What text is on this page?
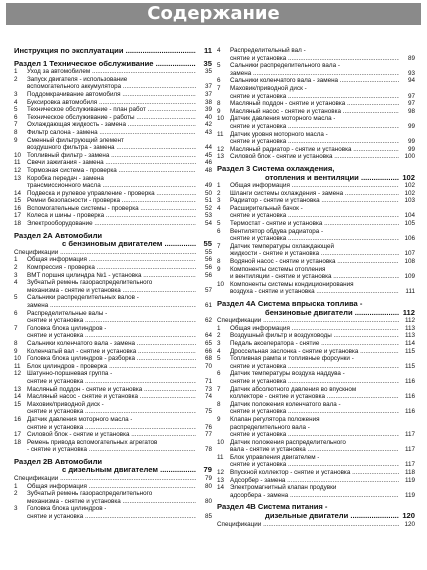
Содержание
Инструкция по эксплуатации .....	11
Раздел 1 Техническое обслуживание .....	35
1 Уход за автомобилем .....	35
2 Запуск двигателя - использование
вспомогательного аккумулятора .....	37
3 Поддомкрачивание автомобиля .....	37
4 Буксировка автомобиля .....	38
5 Техническое обслуживание - план работ .....	39
6 Техническое обслуживание - работы .....	40
7 Охлаждающая жидкость - замена .....	42
8 Фильтр салона - замена .....	43
9 Сменный фильтрующий элемент
воздушного фильтра - замена .....	44
10 Топливный фильтр - замена .....	45
11 Свечи зажигания - замена .....	46
12 Тормозная система - проверка .....	48
13 Коробка передач - замена
трансмиссионного масла .....	49
14 Подвеска и рулевое управление - проверка .....	50
15 Ремни безопасности - проверка .....	51
16 Вспомогательные системы - проверка .....	52
17 Колеса и шины - проверка .....	53
18 Электрооборудование .....	54
Раздел 2А Автомобили
с бензиновым двигателем .....	55
Спецификации .....	55
1 Общая информация .....	56
2 Компрессия - проверка .....	56
3 ВМТ поршня цилиндра №1 - установка .....	56
4 Зубчатый ремень газораспределительного
механизма - снятие и установка .....	57
5 Сальники распределительных валов -
замена .....	61
6 Распределительные валы -
снятие и установка .....	62
7 Головка блока цилиндров -
снятие и установка .....	64
8 Сальники коленчатого вала - замена .....	65
9 Коленчатый вал - снятие и установка .....	66
10 Головка блока цилиндров - разборка .....	68
11 Блок цилиндров - проверка .....	70
12 Шатунно-поршневая группа -
снятие и установка .....	71
13 Масляный поддон - снятие и установка .....	73
14 Масляный насос - снятие и установка .....	74
15 Маховик/приводной диск -
снятие и установка .....	75
16 Датчик давления моторного масла -
снятие и установка .....	76
17 Силовой блок - снятие и установка .....	77
18 Ремень привода вспомогательных агрегатов
- снятие и установка .....	78
Раздел 2В Автомобили
с дизельным двигателем .....	79
Спецификации .....	79
1 Общая информация .....	80
2 Зубчатый ремень газораспределительного
механизма - снятие и установка .....	80
3 Головка блока цилиндров -
снятие и установка .....	85
4 Распределительный вал -
снятие и установка .....	89
5 Сальники распределительного вала -
замена .....	93
6 Сальники коленчатого вала - замена .....	94
7 Маховик/приводной диск -
снятие и установка .....	97
8 Масляный поддон - снятие и установка .....	97
9 Масляный насос - снятие и установка .....	98
10 Датчик давления моторного масла -
снятие и установка .....	99
11 Датчик уровня моторного масла -
снятие и установка .....	99
12 Масляный радиатор - снятие и установка .....	99
13 Силовой блок - снятие и установка .....	100
Раздел 3 Система охлаждения,
отопления и вентиляции .....	102
1 Общая информация .....	102
2 Шланги системы охлаждения - замена .....	102
3 Радиатор - снятие и установка .....	103
4 Расширительный бачок -
снятие и установка .....	104
5 Термостат - снятие и установка .....	105
6 Вентилятор обдува радиатора -
снятие и установка .....	106
7 Датчик температуры охлаждающей
жидкости - снятие и установка .....	107
8 Водяной насос - снятие и установка .....	108
9 Компоненты системы отопления
и вентиляции - снятие и установка .....	109
10 Компоненты системы кондиционирования
воздуха - снятие и установка .....	111
Раздел 4А Система впрыска топлива -
бензиновые двигатели .....	112
Спецификации .....	112
1 Общая информация .....	113
2 Воздушный фильтр и воздуховоды .....	113
3 Педаль акселератора - снятие .....	114
4 Дроссельная заслонка - снятие и установка .....	115
5 Топливная рампа и топливные форсунки -
снятие и установка .....	115
6 Датчик температуры воздуха наддува -
снятие и установка .....	116
7 Датчик абсолютного давления во впускном
коллекторе - снятие и установка .....	116
8 Датчик положения коленчатого вала -
снятие и установка .....	116
9 Клапан регулятора положения
распределительного вала -
снятие и установка .....	117
10 Датчик положения распределительного
вала - снятие и установка .....	117
11 Блок управления двигателем -
снятие и установка .....	117
12 Впускной коллектор - снятие и установка .....	118
13 Адсорбер - замена .....	119
14 Электромагнитный клапан продувки
адсорбера - замена .....	119
Раздел 4В Система питания -
дизельные двигатели .....	120
Спецификации .....	120
